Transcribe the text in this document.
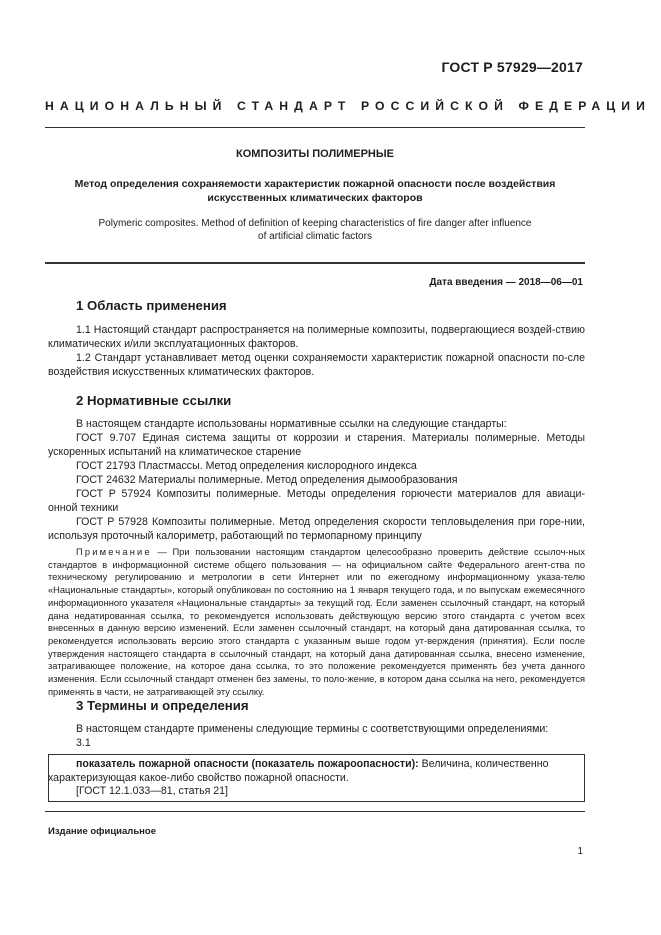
ГОСТ Р 57929—2017
НАЦИОНАЛЬНЫЙ СТАНДАРТ РОССИЙСКОЙ ФЕДЕРАЦИИ
КОМПОЗИТЫ ПОЛИМЕРНЫЕ
Метод определения сохраняемости характеристик пожарной опасности после воздействия
искусственных климатических факторов
Polymeric composites. Method of definition of keeping characteristics of fire danger after influence
of artificial climatic factors
Дата введения — 2018—06—01
1 Область применения
1.1 Настоящий стандарт распространяется на полимерные композиты, подвергающиеся воздей-ствию климатических и/или эксплуатационных факторов.
1.2 Стандарт устанавливает метод оценки сохраняемости характеристик пожарной опасности по-сле воздействия искусственных климатических факторов.
2 Нормативные ссылки
В настоящем стандарте использованы нормативные ссылки на следующие стандарты:
ГОСТ 9.707 Единая система защиты от коррозии и старения. Материалы полимерные. Методы ускоренных испытаний на климатическое старение
ГОСТ 21793 Пластмассы. Метод определения кислородного индекса
ГОСТ 24632 Материалы полимерные. Метод определения дымообразования
ГОСТ Р 57924 Композиты полимерные. Методы определения горючести материалов для авиаци-онной техники
ГОСТ Р 57928 Композиты полимерные. Метод определения скорости тепловыделения при горе-нии, используя проточный калориметр, работающий по термопарному принципу
Примечание — При пользовании настоящим стандартом целесообразно проверить действие ссылоч-ных стандартов в информационной системе общего пользования — на официальном сайте Федерального агент-ства по техническому регулированию и метрологии в сети Интернет или по ежегодному информационному указа-телю «Национальные стандарты», который опубликован по состоянию на 1 января текущего года, и по выпускам ежемесячного информационного указателя «Национальные стандарты» за текущий год. Если заменен ссылочный стандарт, на который дана недатированная ссылка, то рекомендуется использовать действующую версию этого стандарта с учетом всех внесенных в данную версию изменений. Если заменен ссылочный стандарт, на который дана датированная ссылка, то рекомендуется использовать версию этого стандарта с указанным выше годом ут-верждения (принятия). Если после утверждения настоящего стандарта в ссылочный стандарт, на который дана датированная ссылка, внесено изменение, затрагивающее положение, на которое дана ссылка, то это положение рекомендуется применять без учета данного изменения. Если ссылочный стандарт отменен без замены, то поло-жение, в котором дана ссылка на него, рекомендуется применять в части, не затрагивающей эту ссылку.
3 Термины и определения
В настоящем стандарте применены следующие термины с соответствующими определениями:
3.1
показатель пожарной опасности (показатель пожароопасности): Величина, количественно
характеризующая какое-либо свойство пожарной опасности.
[ГОСТ 12.1.033—81, статья 21]
Издание официальное
1
